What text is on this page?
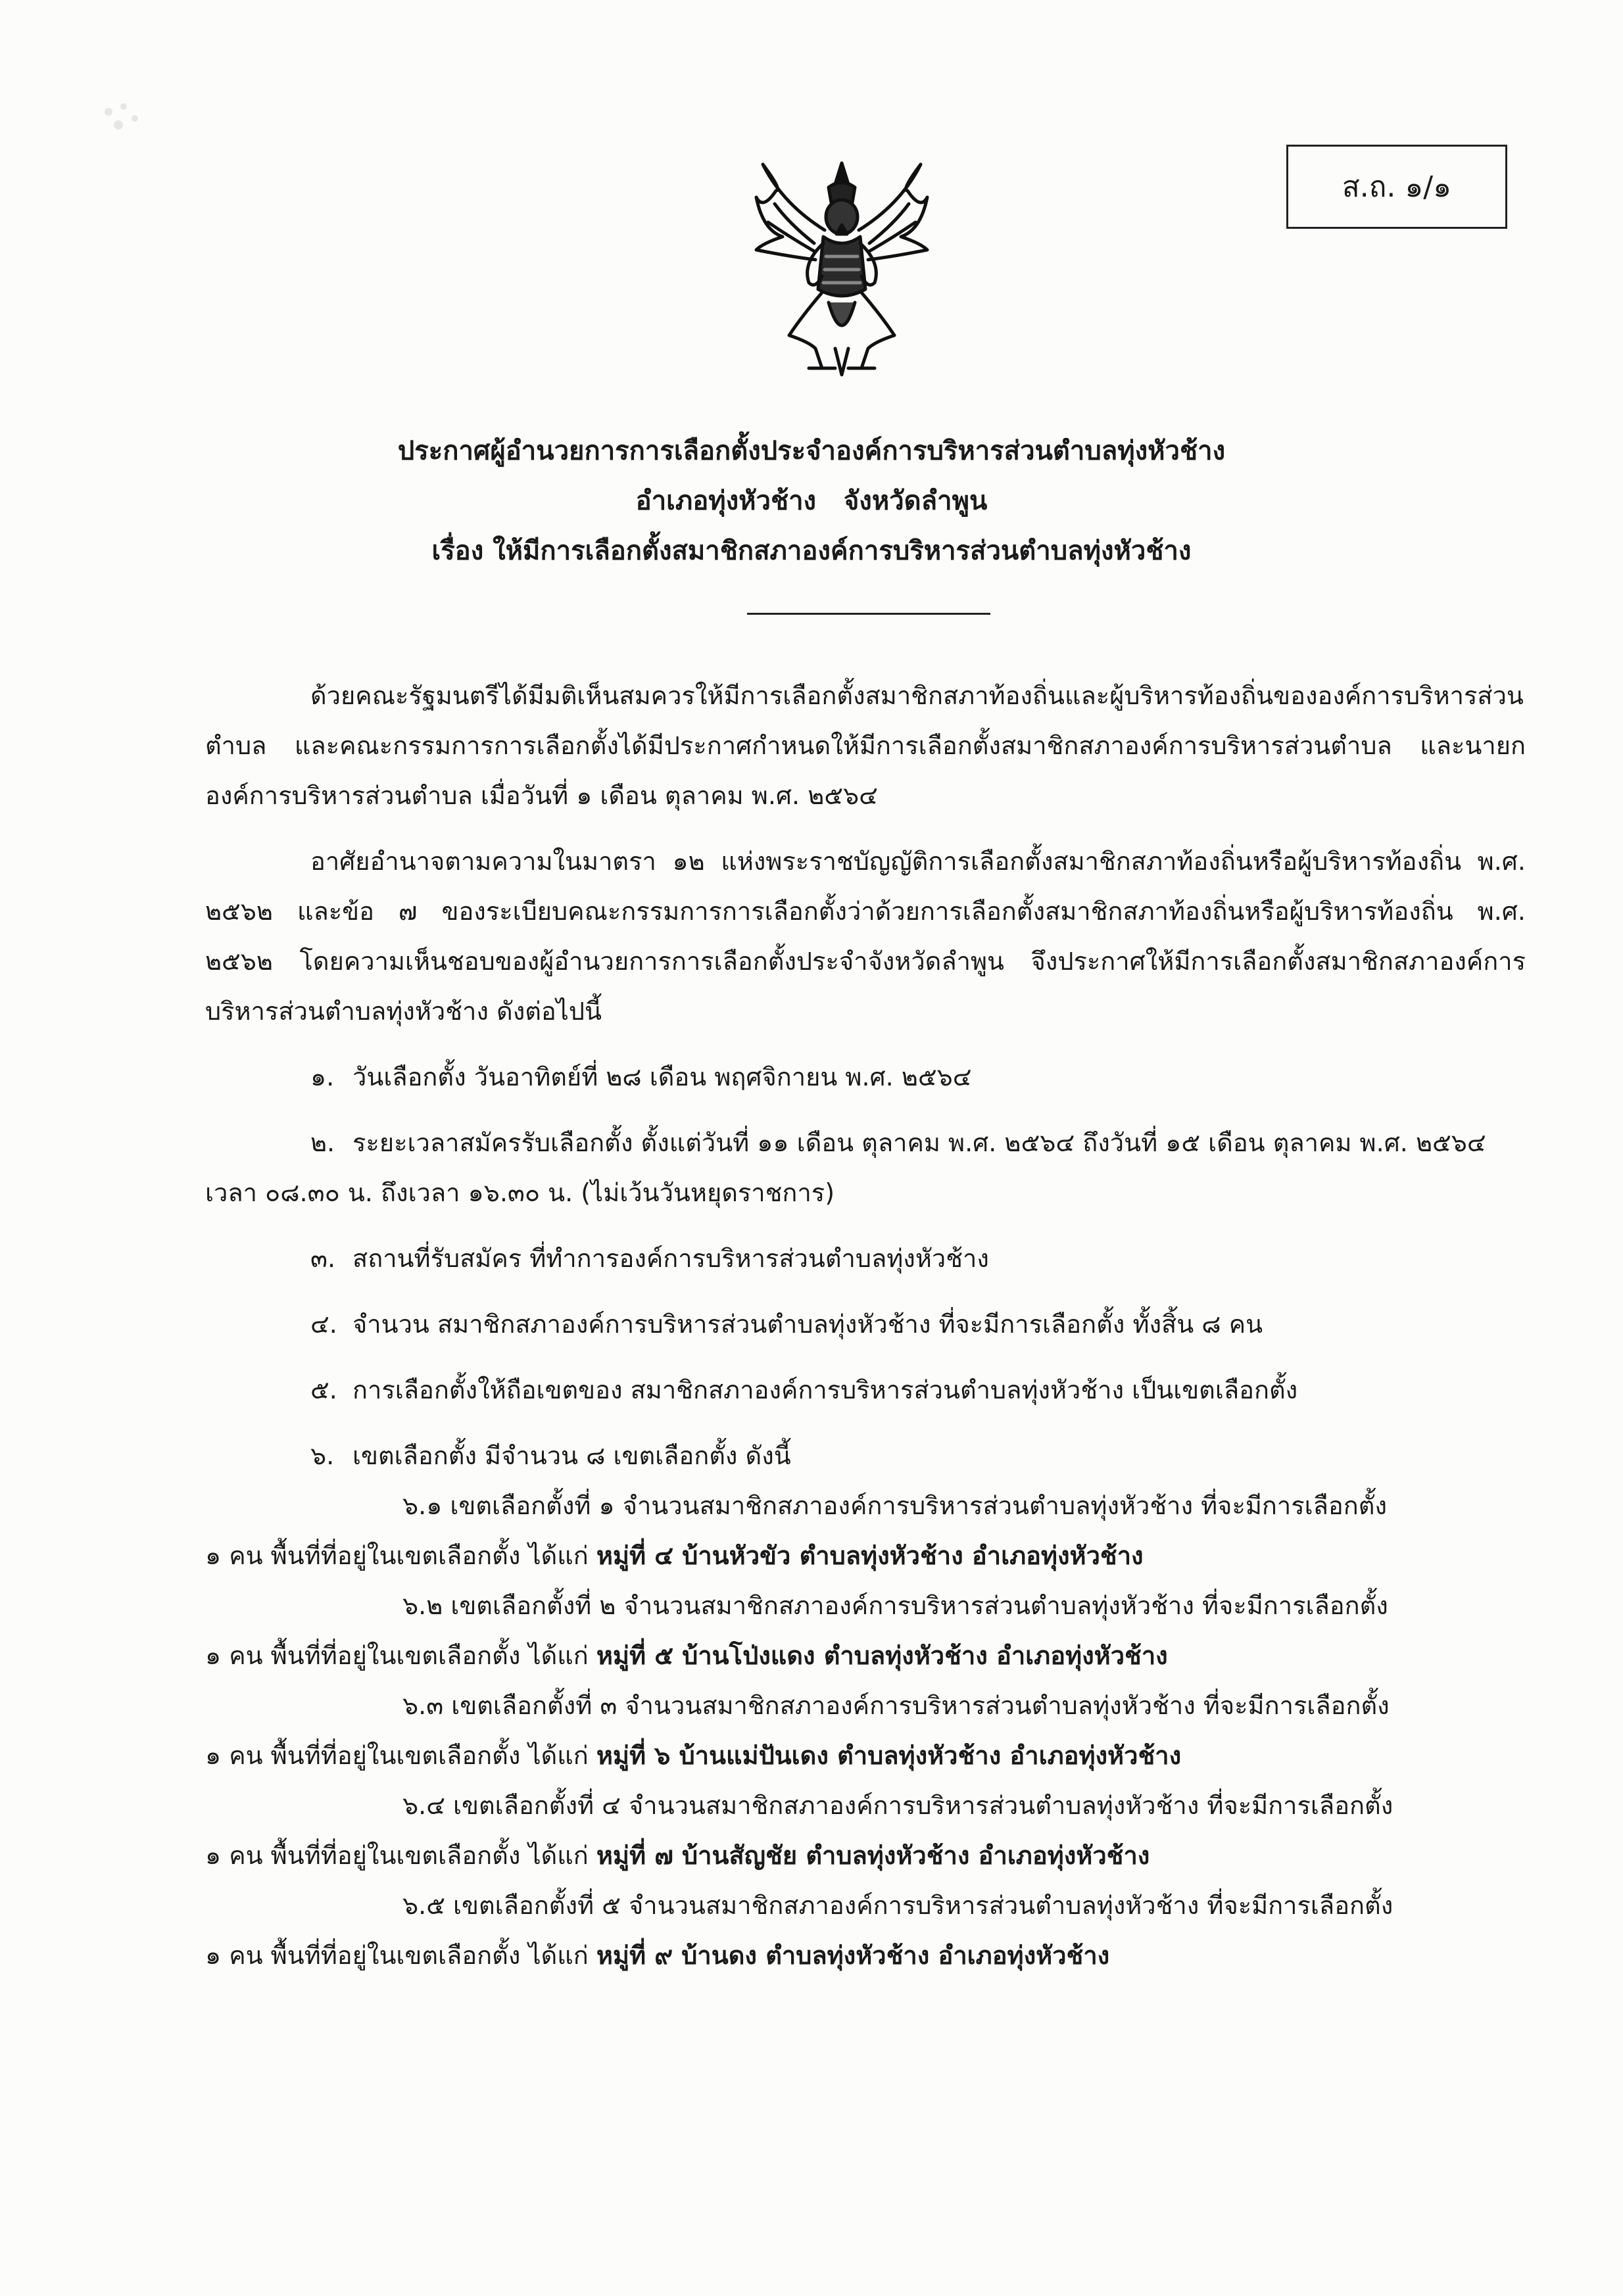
ส.ถ. ๑/๑
ประกาศผู้อำนวยการการเลือกตั้งประจำองค์การบริหารส่วนตำบลทุ่งหัวช้าง
อำเภอทุ่งหัวช้าง   จังหวัดลำพูน
เรื่อง ให้มีการเลือกตั้งสมาชิกสภาองค์การบริหารส่วนตำบลทุ่งหัวช้าง

ด้วยคณะรัฐมนตรีได้มีมติเห็นสมควรให้มีการเลือกตั้งสมาชิกสภาท้องถิ่นและผู้บริหารท้องถิ่นขององค์การบริหารส่วนตำบล และคณะกรรมการการเลือกตั้งได้มีประกาศกำหนดให้มีการเลือกตั้งสมาชิกสภาองค์การบริหารส่วนตำบล และนายกองค์การบริหารส่วนตำบล เมื่อวันที่ ๑ เดือน ตุลาคม พ.ศ. ๒๕๖๔

อาศัยอำนาจตามความในมาตรา ๑๒ แห่งพระราชบัญญัติการเลือกตั้งสมาชิกสภาท้องถิ่นหรือผู้บริหารท้องถิ่น พ.ศ. ๒๕๖๒ และข้อ ๗ ของระเบียบคณะกรรมการการเลือกตั้งว่าด้วยการเลือกตั้งสมาชิกสภาท้องถิ่นหรือผู้บริหารท้องถิ่น พ.ศ. ๒๕๖๒ โดยความเห็นชอบของผู้อำนวยการการเลือกตั้งประจำจังหวัดลำพูน จึงประกาศให้มีการเลือกตั้งสมาชิกสภาองค์การบริหารส่วนตำบลทุ่งหัวช้าง ดังต่อไปนี้

๑. วันเลือกตั้ง วันอาทิตย์ที่ ๒๘ เดือน พฤศจิกายน พ.ศ. ๒๕๖๔

๒. ระยะเวลาสมัครรับเลือกตั้ง ตั้งแต่วันที่ ๑๑ เดือน ตุลาคม พ.ศ. ๒๕๖๔ ถึงวันที่ ๑๕ เดือน ตุลาคม พ.ศ. ๒๕๖๔ เวลา ๐๘.๓๐ น. ถึงเวลา ๑๖.๓๐ น. (ไม่เว้นวันหยุดราชการ)

๓. สถานที่รับสมัคร ที่ทำการองค์การบริหารส่วนตำบลทุ่งหัวช้าง

๔. จำนวน สมาชิกสภาองค์การบริหารส่วนตำบลทุ่งหัวช้าง ที่จะมีการเลือกตั้ง ทั้งสิ้น ๘ คน

๕. การเลือกตั้งให้ถือเขตของ สมาชิกสภาองค์การบริหารส่วนตำบลทุ่งหัวช้าง เป็นเขตเลือกตั้ง

๖. เขตเลือกตั้ง มีจำนวน ๘ เขตเลือกตั้ง ดังนี้

๖.๑ เขตเลือกตั้งที่ ๑ จำนวนสมาชิกสภาองค์การบริหารส่วนตำบลทุ่งหัวช้าง ที่จะมีการเลือกตั้ง
๑ คน พื้นที่ที่อยู่ในเขตเลือกตั้ง ได้แก่ หมู่ที่ ๔ บ้านหัวขัว ตำบลทุ่งหัวช้าง อำเภอทุ่งหัวช้าง
๖.๒ เขตเลือกตั้งที่ ๒ จำนวนสมาชิกสภาองค์การบริหารส่วนตำบลทุ่งหัวช้าง ที่จะมีการเลือกตั้ง
๑ คน พื้นที่ที่อยู่ในเขตเลือกตั้ง ได้แก่ หมู่ที่ ๕ บ้านโป่งแดง ตำบลทุ่งหัวช้าง อำเภอทุ่งหัวช้าง
๖.๓ เขตเลือกตั้งที่ ๓ จำนวนสมาชิกสภาองค์การบริหารส่วนตำบลทุ่งหัวช้าง ที่จะมีการเลือกตั้ง
๑ คน พื้นที่ที่อยู่ในเขตเลือกตั้ง ได้แก่ หมู่ที่ ๖ บ้านแม่ปันเดง ตำบลทุ่งหัวช้าง อำเภอทุ่งหัวช้าง
๖.๔ เขตเลือกตั้งที่ ๔ จำนวนสมาชิกสภาองค์การบริหารส่วนตำบลทุ่งหัวช้าง ที่จะมีการเลือกตั้ง
๑ คน พื้นที่ที่อยู่ในเขตเลือกตั้ง ได้แก่ หมู่ที่ ๗ บ้านสัญชัย ตำบลทุ่งหัวช้าง อำเภอทุ่งหัวช้าง
๖.๕ เขตเลือกตั้งที่ ๕ จำนวนสมาชิกสภาองค์การบริหารส่วนตำบลทุ่งหัวช้าง ที่จะมีการเลือกตั้ง
๑ คน พื้นที่ที่อยู่ในเขตเลือกตั้ง ได้แก่ หมู่ที่ ๙ บ้านดง ตำบลทุ่งหัวช้าง อำเภอทุ่งหัวช้าง
